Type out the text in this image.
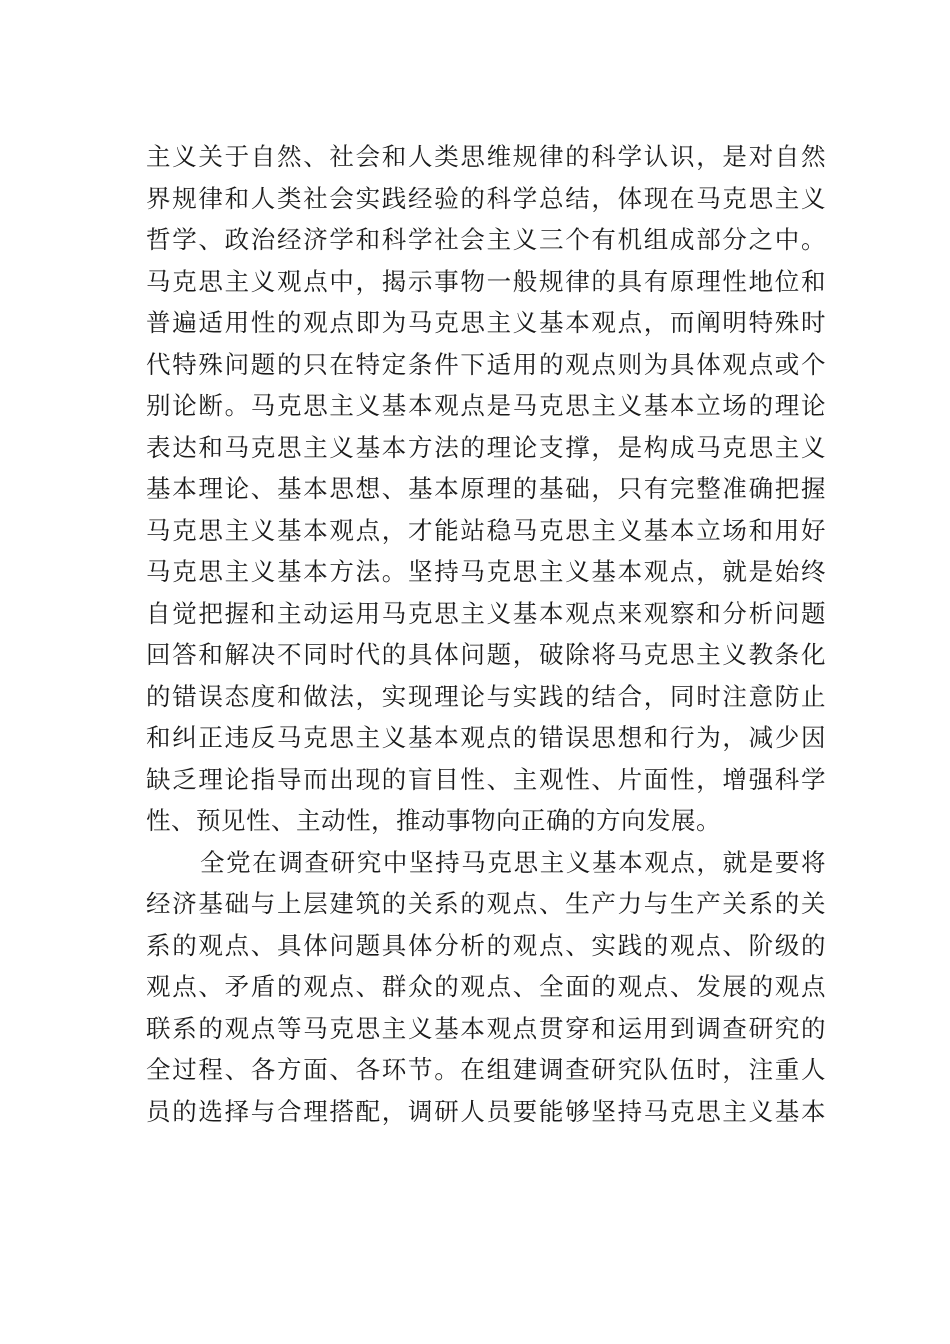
主义关于自然、社会和人类思维规律的科学认识，是对自然
界规律和人类社会实践经验的科学总结，体现在马克思主义
哲学、政治经济学和科学社会主义三个有机组成部分之中。
马克思主义观点中，揭示事物一般规律的具有原理性地位和
普遍适用性的观点即为马克思主义基本观点，而阐明特殊时
代特殊问题的只在特定条件下适用的观点则为具体观点或个
别论断。马克思主义基本观点是马克思主义基本立场的理论
表达和马克思主义基本方法的理论支撑，是构成马克思主义
基本理论、基本思想、基本原理的基础，只有完整准确把握
马克思主义基本观点，才能站稳马克思主义基本立场和用好
马克思主义基本方法。坚持马克思主义基本观点，就是始终
自觉把握和主动运用马克思主义基本观点来观察和分析问题
回答和解决不同时代的具体问题，破除将马克思主义教条化
的错误态度和做法，实现理论与实践的结合，同时注意防止
和纠正违反马克思主义基本观点的错误思想和行为，减少因
缺乏理论指导而出现的盲目性、主观性、片面性，增强科学
性、预见性、主动性，推动事物向正确的方向发展。
全党在调查研究中坚持马克思主义基本观点，就是要将
经济基础与上层建筑的关系的观点、生产力与生产关系的关
系的观点、具体问题具体分析的观点、实践的观点、阶级的
观点、矛盾的观点、群众的观点、全面的观点、发展的观点
联系的观点等马克思主义基本观点贯穿和运用到调查研究的
全过程、各方面、各环节。在组建调查研究队伍时，注重人
员的选择与合理搭配，调研人员要能够坚持马克思主义基本
